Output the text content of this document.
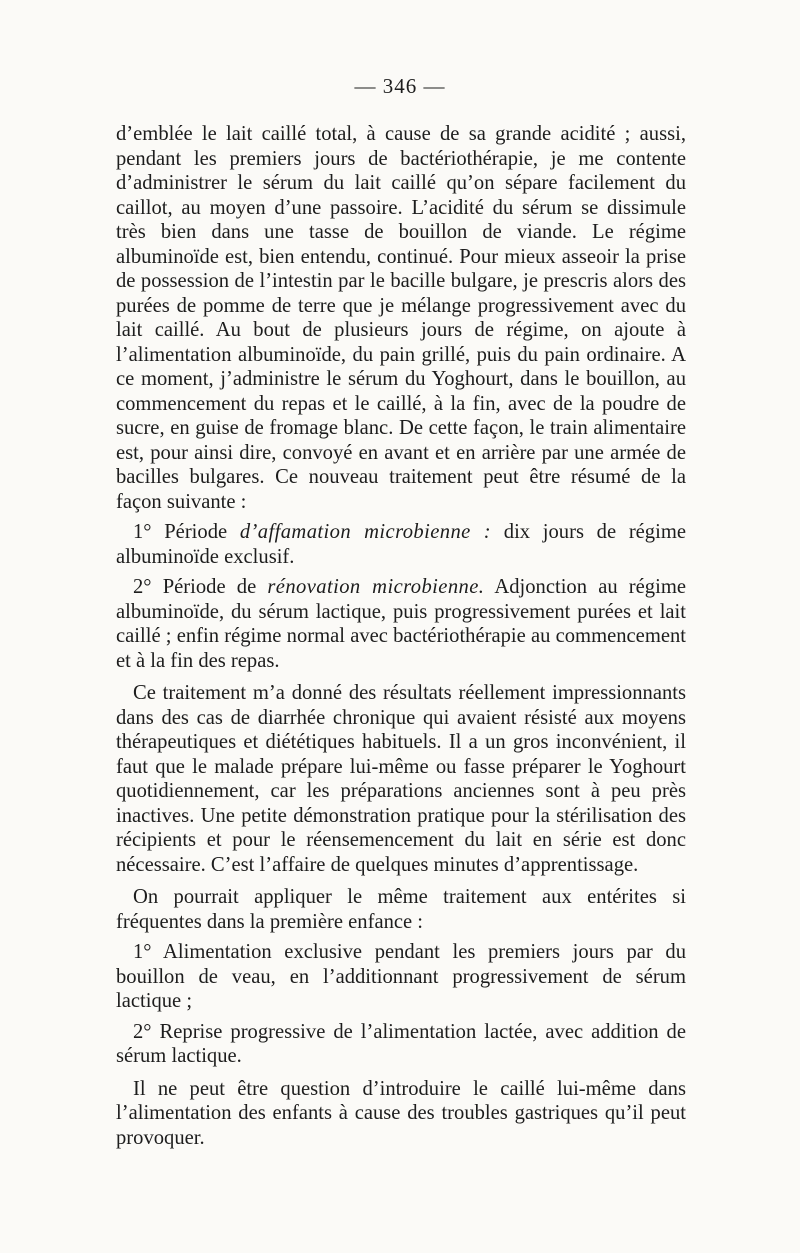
— 346 —

d’emblée le lait caillé total, à cause de sa grande acidité ; aussi, pendant les premiers jours de bactériothérapie, je me contente d’administrer le sérum du lait caillé qu’on sépare facilement du caillot, au moyen d’une passoire. L’acidité du sérum se dissimule très bien dans une tasse de bouillon de viande. Le régime albuminoïde est, bien entendu, continué. Pour mieux asseoir la prise de possession de l’intestin par le bacille bulgare, je prescris alors des purées de pomme de terre que je mélange progressivement avec du lait caillé. Au bout de plusieurs jours de régime, on ajoute à l’alimentation albuminoïde, du pain grillé, puis du pain ordinaire. A ce moment, j’administre le sérum du Yoghourt, dans le bouillon, au commencement du repas et le caillé, à la fin, avec de la poudre de sucre, en guise de fromage blanc. De cette façon, le train alimentaire est, pour ainsi dire, convoyé en avant et en arrière par une armée de bacilles bulgares. Ce nouveau traitement peut être résumé de la façon suivante :

1° Période d’affamation microbienne : dix jours de régime albuminoïde exclusif.

2° Période de rénovation microbienne. Adjonction au régime albuminoïde, du sérum lactique, puis progressivement purées et lait caillé ; enfin régime normal avec bactériothérapie au commencement et à la fin des repas.

Ce traitement m’a donné des résultats réellement impressionnants dans des cas de diarrhée chronique qui avaient résisté aux moyens thérapeutiques et diététiques habituels. Il a un gros inconvénient, il faut que le malade prépare lui-même ou fasse préparer le Yoghourt quotidiennement, car les préparations anciennes sont à peu près inactives. Une petite démonstration pratique pour la stérilisation des récipients et pour le réensemencement du lait en série est donc nécessaire. C’est l’affaire de quelques minutes d’apprentissage.

On pourrait appliquer le même traitement aux entérites si fréquentes dans la première enfance :

1° Alimentation exclusive pendant les premiers jours par du bouillon de veau, en l’additionnant progressivement de sérum lactique ;

2° Reprise progressive de l’alimentation lactée, avec addition de sérum lactique.

Il ne peut être question d’introduire le caillé lui-même dans l’alimentation des enfants à cause des troubles gastriques qu’il peut provoquer.
